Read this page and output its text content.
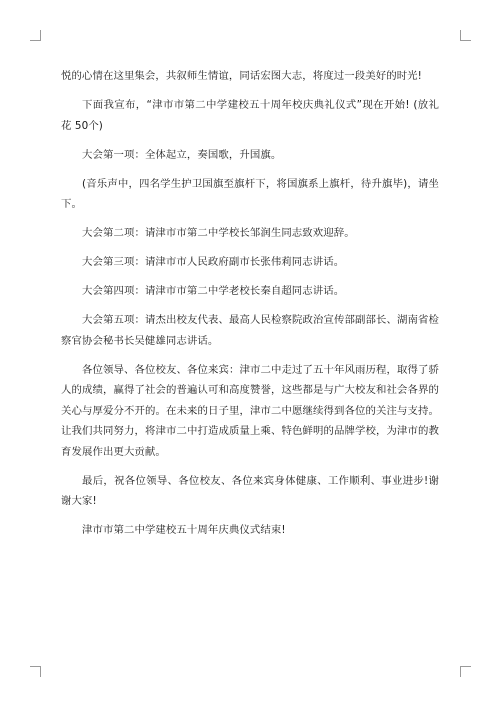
悦的心情在这里集会，共叙师生情谊，同话宏图大志，将度过一段美好的时光!

下面我宣布，“津市市第二中学建校五十周年校庆典礼仪式”现在开始! (放礼花 50个)

大会第一项：全体起立，奏国歌，升国旗。

(音乐声中，四名学生护卫国旗至旗杆下，将国旗系上旗杆，待升旗毕)，请坐下。

大会第二项：请津市市第二中学校长邹润生同志致欢迎辞。

大会第三项：请津市市人民政府副市长张伟莉同志讲话。

大会第四项：请津市市第二中学老校长秦自超同志讲话。

大会第五项：请杰出校友代表、最高人民检察院政治宣传部副部长、湖南省检察官协会秘书长吴健雄同志讲话。

各位领导、各位校友、各位来宾：津市二中走过了五十年风雨历程，取得了骄人的成绩，赢得了社会的普遍认可和高度赞誉，这些都是与广大校友和社会各界的关心与厚爱分不开的。在未来的日子里，津市二中愿继续得到各位的关注与支持。让我们共同努力，将津市二中打造成质量上乘、特色鲜明的品牌学校，为津市的教育发展作出更大贡献。

最后，祝各位领导、各位校友、各位来宾身体健康、工作顺利、事业进步!谢谢大家!

津市市第二中学建校五十周年庆典仪式结束!
